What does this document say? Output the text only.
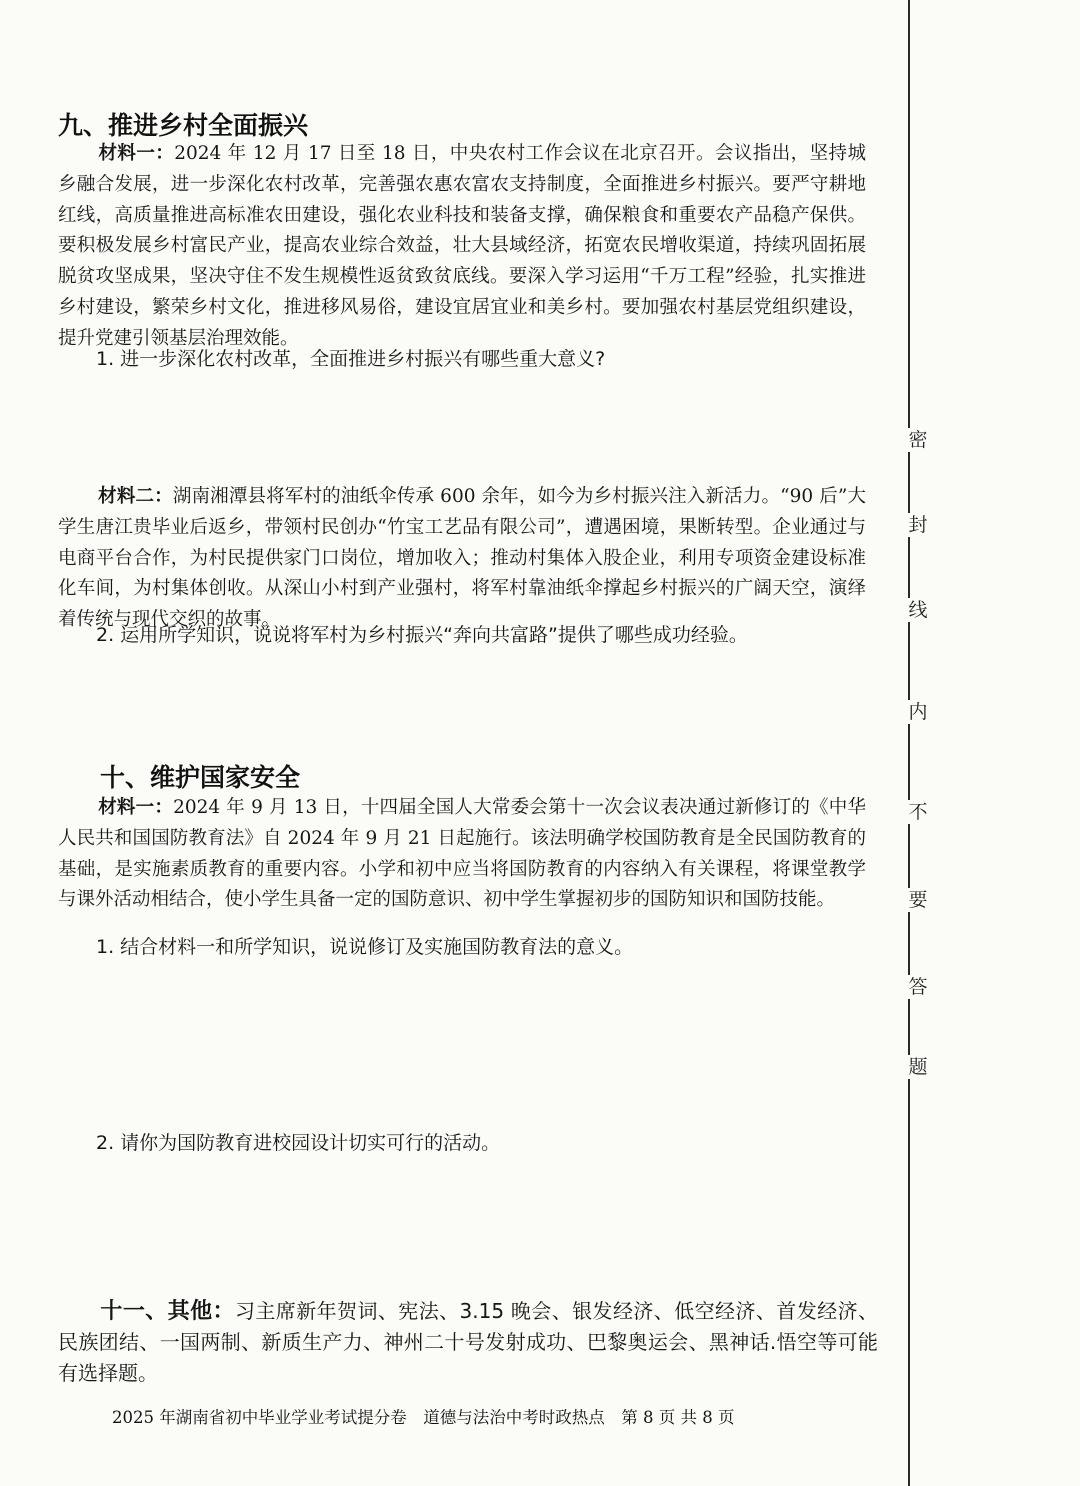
九、推进乡村全面振兴

材料一：2024 年 12 月 17 日至 18 日，中央农村工作会议在北京召开。会议指出，坚持城乡融合发展，进一步深化农村改革，完善强农惠农富农支持制度，全面推进乡村振兴。要严守耕地红线，高质量推进高标准农田建设，强化农业科技和装备支撑，确保粮食和重要农产品稳产保供。要积极发展乡村富民产业，提高农业综合效益，壮大县域经济，拓宽农民增收渠道，持续巩固拓展脱贫攻坚成果，坚决守住不发生规模性返贫致贫底线。要深入学习运用“千万工程”经验，扎实推进乡村建设，繁荣乡村文化，推进移风易俗，建设宜居宜业和美乡村。要加强农村基层党组织建设，提升党建引领基层治理效能。

1. 进一步深化农村改革，全面推进乡村振兴有哪些重大意义?

材料二：湖南湘潭县将军村的油纸伞传承 600 余年，如今为乡村振兴注入新活力。“90 后”大学生唐江贵毕业后返乡，带领村民创办“竹宝工艺品有限公司”，遭遇困境，果断转型。企业通过与电商平台合作，为村民提供家门口岗位，增加收入；推动村集体入股企业，利用专项资金建设标准化车间，为村集体创收。从深山小村到产业强村，将军村靠油纸伞撑起乡村振兴的广阔天空，演绎着传统与现代交织的故事。

2. 运用所学知识，说说将军村为乡村振兴“奔向共富路”提供了哪些成功经验。

十、维护国家安全

材料一：2024 年 9 月 13 日，十四届全国人大常委会第十一次会议表决通过新修订的《中华人民共和国国防教育法》自 2024 年 9 月 21 日起施行。该法明确学校国防教育是全民国防教育的基础，是实施素质教育的重要内容。小学和初中应当将国防教育的内容纳入有关课程，将课堂教学与课外活动相结合，使小学生具备一定的国防意识、初中学生掌握初步的国防知识和国防技能。

1. 结合材料一和所学知识，说说修订及实施国防教育法的意义。

2. 请你为国防教育进校园设计切实可行的活动。

十一、其他：习主席新年贺词、宪法、3.15 晚会、银发经济、低空经济、首发经济、民族团结、一国两制、新质生产力、神州二十号发射成功、巴黎奥运会、黑神话.悟空等可能有选择题。

2025 年湖南省初中毕业学业考试提分卷　道德与法治中考时政热点　第 8 页 共 8 页
密
封
线
内
不
要
答
题
